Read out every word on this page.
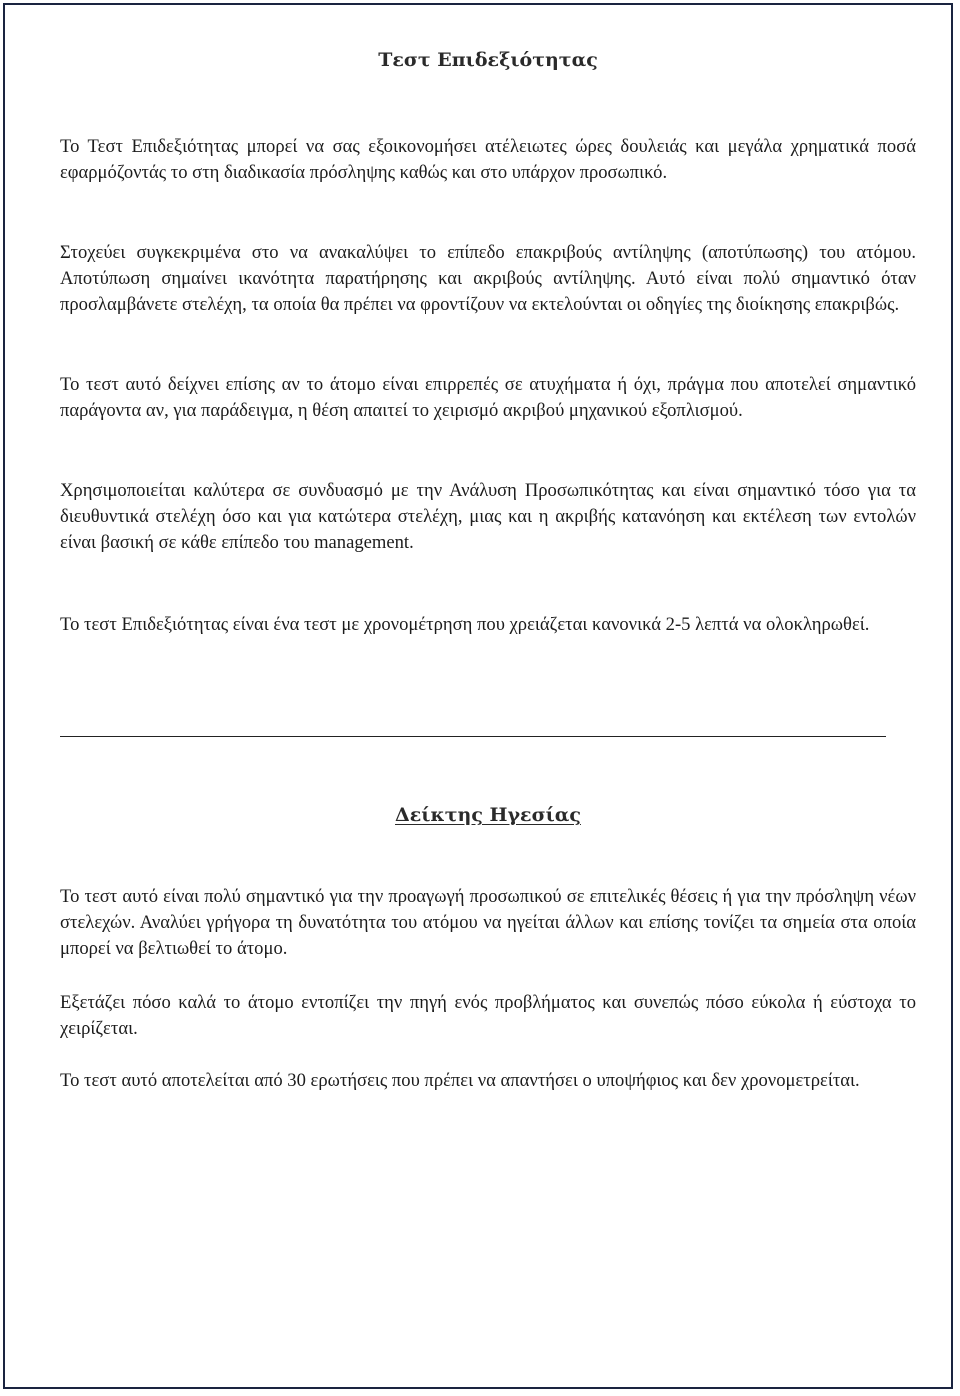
Τεστ Επιδεξιότητας

Το Τεστ Επιδεξιότητας μπορεί να σας εξοικονομήσει ατέλειωτες ώρες δουλειάς και μεγάλα χρηματικά ποσά εφαρμόζοντάς το στη διαδικασία πρόσληψης καθώς και στο υπάρχον προσωπικό.

Στοχεύει συγκεκριμένα στο να ανακαλύψει το επίπεδο επακριβούς αντίληψης (αποτύπωσης) του ατόμου. Αποτύπωση σημαίνει ικανότητα παρατήρησης και ακριβούς αντίληψης. Αυτό είναι πολύ σημαντικό όταν προσλαμβάνετε στελέχη, τα οποία θα πρέπει να φροντίζουν να εκτελούνται οι οδηγίες της διοίκησης επακριβώς.

Το τεστ αυτό δείχνει επίσης αν το άτομο είναι επιρρεπές σε ατυχήματα ή όχι, πράγμα που αποτελεί σημαντικό παράγοντα αν, για παράδειγμα, η θέση απαιτεί το χειρισμό ακριβού μηχανικού εξοπλισμού.

Χρησιμοποιείται καλύτερα σε συνδυασμό με την Ανάλυση Προσωπικότητας και είναι σημαντικό τόσο για τα διευθυντικά στελέχη όσο και για κατώτερα στελέχη, μιας και η ακριβής κατανόηση και εκτέλεση των εντολών είναι βασική σε κάθε επίπεδο του management.

Το τεστ Επιδεξιότητας είναι ένα τεστ με χρονομέτρηση που χρειάζεται κανονικά 2-5 λεπτά να ολοκληρωθεί.

Δείκτης Ηγεσίας

Το τεστ αυτό είναι πολύ σημαντικό για την προαγωγή προσωπικού σε επιτελικές θέσεις ή για την πρόσληψη νέων στελεχών. Αναλύει γρήγορα τη δυνατότητα του ατόμου να ηγείται άλλων και επίσης τονίζει τα σημεία στα οποία μπορεί να βελτιωθεί το άτομο.

Εξετάζει πόσο καλά το άτομο εντοπίζει την πηγή ενός προβλήματος και συνεπώς πόσο εύκολα ή εύστοχα το χειρίζεται.

Το τεστ αυτό αποτελείται από 30 ερωτήσεις που πρέπει να απαντήσει ο υποψήφιος και δεν χρονομετρείται.
